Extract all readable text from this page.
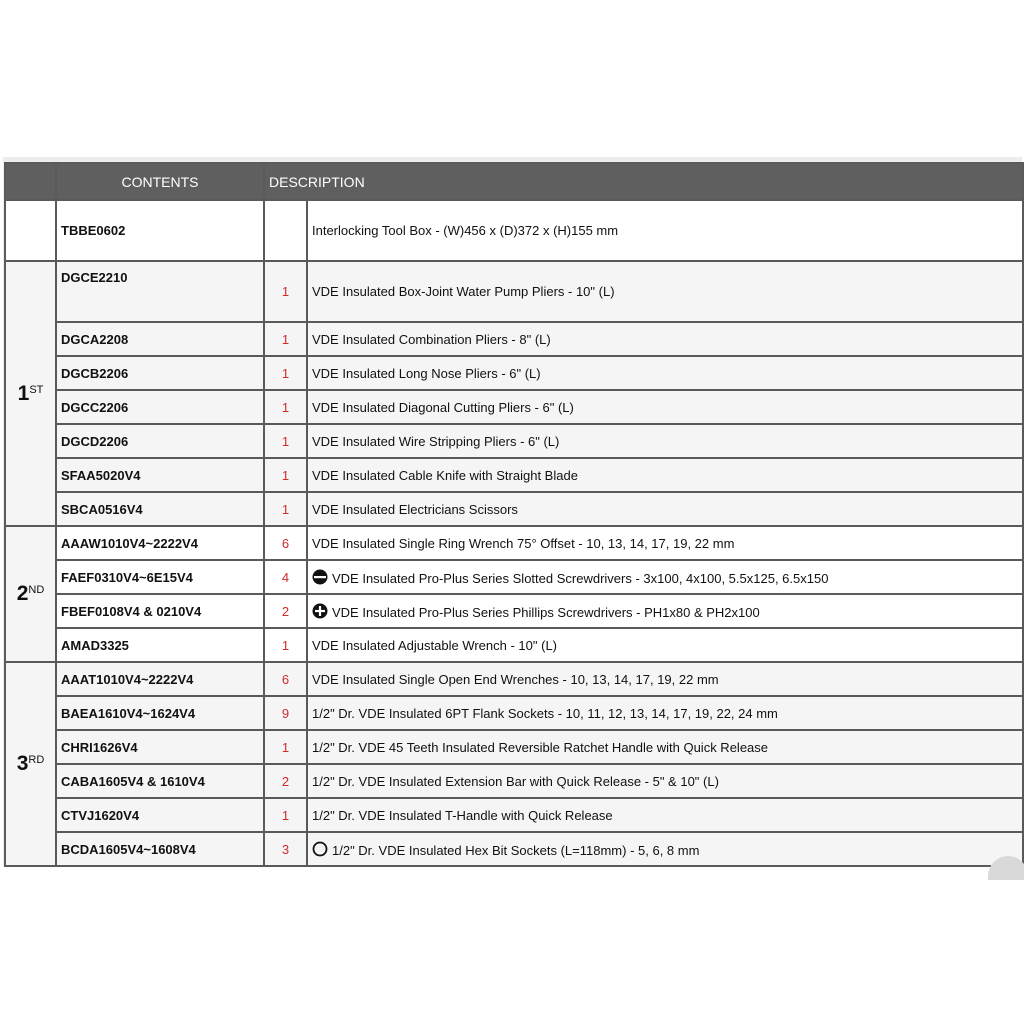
	CONTENTS	DESCRIPTION	
	TBBE0602		Interlocking Tool Box - (W)456 x (D)372 x (H)155 mm
1ST	DGCE2210	1	VDE Insulated Box-Joint Water Pump Pliers - 10" (L)
	DGCA2208	1	VDE Insulated Combination Pliers - 8" (L)
	DGCB2206	1	VDE Insulated Long Nose Pliers - 6" (L)
	DGCC2206	1	VDE Insulated Diagonal Cutting Pliers - 6" (L)
	DGCD2206	1	VDE Insulated Wire Stripping Pliers - 6" (L)
	SFAA5020V4	1	VDE Insulated Cable Knife with Straight Blade
	SBCA0516V4	1	VDE Insulated Electricians Scissors
2ND	AAAW1010V4~2222V4	6	VDE Insulated Single Ring Wrench 75° Offset - 10, 13, 14, 17, 19, 22 mm
	FAEF0310V4~6E15V4	4	VDE Insulated Pro-Plus Series Slotted Screwdrivers - 3x100, 4x100, 5.5x125, 6.5x150
	FBEF0108V4 & 0210V4	2	VDE Insulated Pro-Plus Series Phillips Screwdrivers - PH1x80 & PH2x100
	AMAD3325	1	VDE Insulated Adjustable Wrench - 10" (L)
3RD	AAAT1010V4~2222V4	6	VDE Insulated Single Open End Wrenches - 10, 13, 14, 17, 19, 22 mm
	BAEA1610V4~1624V4	9	1/2" Dr. VDE Insulated 6PT Flank Sockets - 10, 11, 12, 13, 14, 17, 19, 22, 24 mm
	CHRI1626V4	1	1/2" Dr. VDE 45 Teeth Insulated Reversible Ratchet Handle with Quick Release
	CABA1605V4 & 1610V4	2	1/2" Dr. VDE Insulated Extension Bar with Quick Release - 5" & 10" (L)
	CTVJ1620V4	1	1/2" Dr. VDE Insulated T-Handle with Quick Release
	BCDA1605V4~1608V4	3	1/2" Dr. VDE Insulated Hex Bit Sockets (L=118mm) - 5, 6, 8 mm
